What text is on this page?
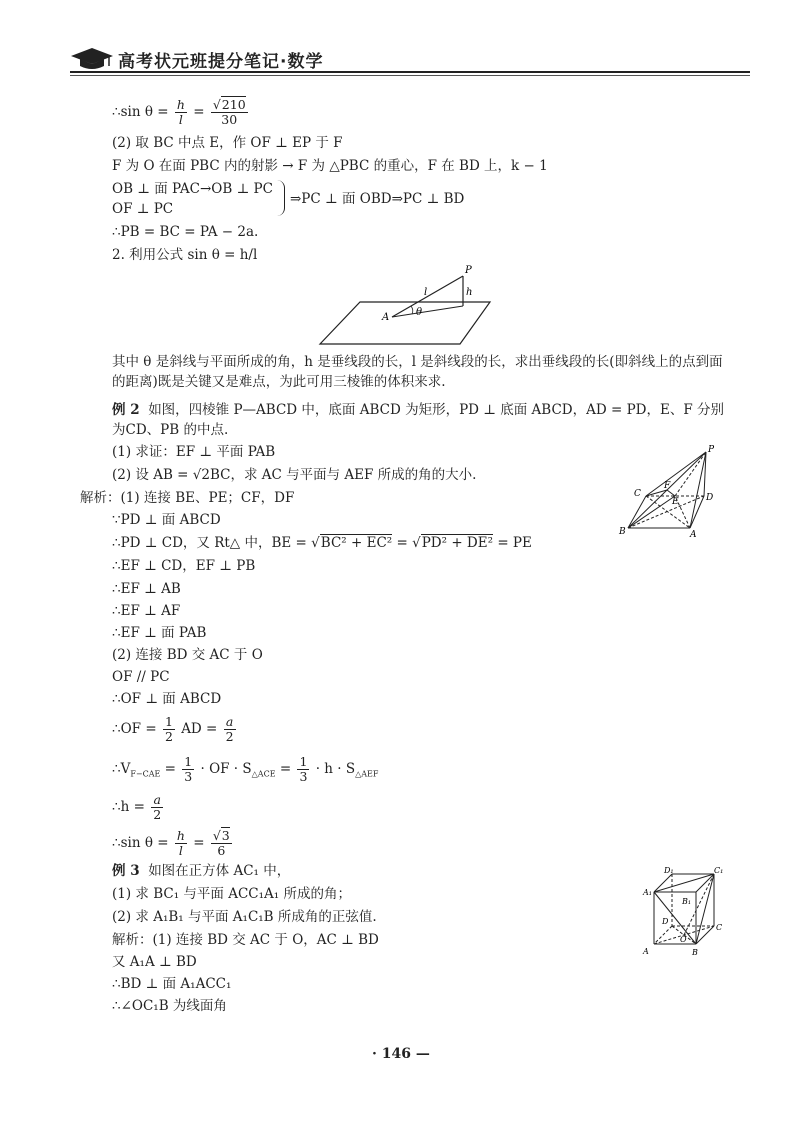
高考状元班提分笔记·数学
∴sin $\theta = \frac{h}{l} = \frac{√210}{30}$
(2) 取 BC 中点 E，作 OF ⊥ EP 于 F
F 为 O 在面 PBC 内的射影 → F 为 △PBC 的重心，F 在 BD 上，k − 1
OB ⊥ 面 PAC→OB ⊥ PC
OF ⊥ PC
⇒PC ⊥ 面 OBD⇒PC ⊥ BD
∴PB = BC = PA − 2a.
2. 利用公式 sin θ = h/l
P
l	h
A	θ
其中 θ 是斜线与平面所成的角，h 是垂线段的长，l 是斜线段的长，求出垂线段的长(即斜线上的点到面的距离)既是关键又是难点，为此可用三棱锥的体积来求.
例 2 如图，四棱锥 P—ABCD 中，底面 ABCD 为矩形，PD ⊥ 底面 ABCD，AD = PD，E、F 分别为CD、PB 的中点.
(1) 求证：EF ⊥ 平面 PAB
(2) 设 AB = √2BC，求 AC 与平面与 AEF 所成的角的大小.
P
C
F
E	D
B	A
解析：(1) 连接 BE、PE；CF，DF
∵PD ⊥ 面 ABCD
∴PD ⊥ CD，又 Rt△ 中，BE = √BC² + EC² = √PD² + DE² = PE
∴EF ⊥ CD，EF ⊥ PB
∴EF ⊥ AB
∴EF ⊥ AF
∴EF ⊥ 面 PAB
(2) 连接 BD 交 AC 于 O
OF // PC
∴OF ⊥ 面 ABCD
∴OF = $\frac{1}{2}$ AD = $\frac{a}{2}$
$\therefore V_{F-CAE} = \frac{1}{3}$ · OF · $S_{\triangle ACE} = \frac{1}{3} \cdot h \cdot S_{\triangle AEF}$
∴h = $\frac{a}{2}$
∴sin $\theta = \frac{h}{l} = \frac{√3}{6}$
例 3 如图在正方体 AC₁ 中，
(1) 求 BC₁ 与平面 ACC₁A₁ 所成的角；
(2) 求 A₁B₁ 与平面 A₁C₁B 所成角的正弦值.
解析：(1) 连接 BD 交 AC 于 O，AC ⊥ BD
又 A₁A ⊥ BD
∴BD ⊥ 面 A₁ACC₁
∴∠OC₁B 为线面角
D₁	C₁
A₁
B₁
D
O
C
A	B
· 146 —
